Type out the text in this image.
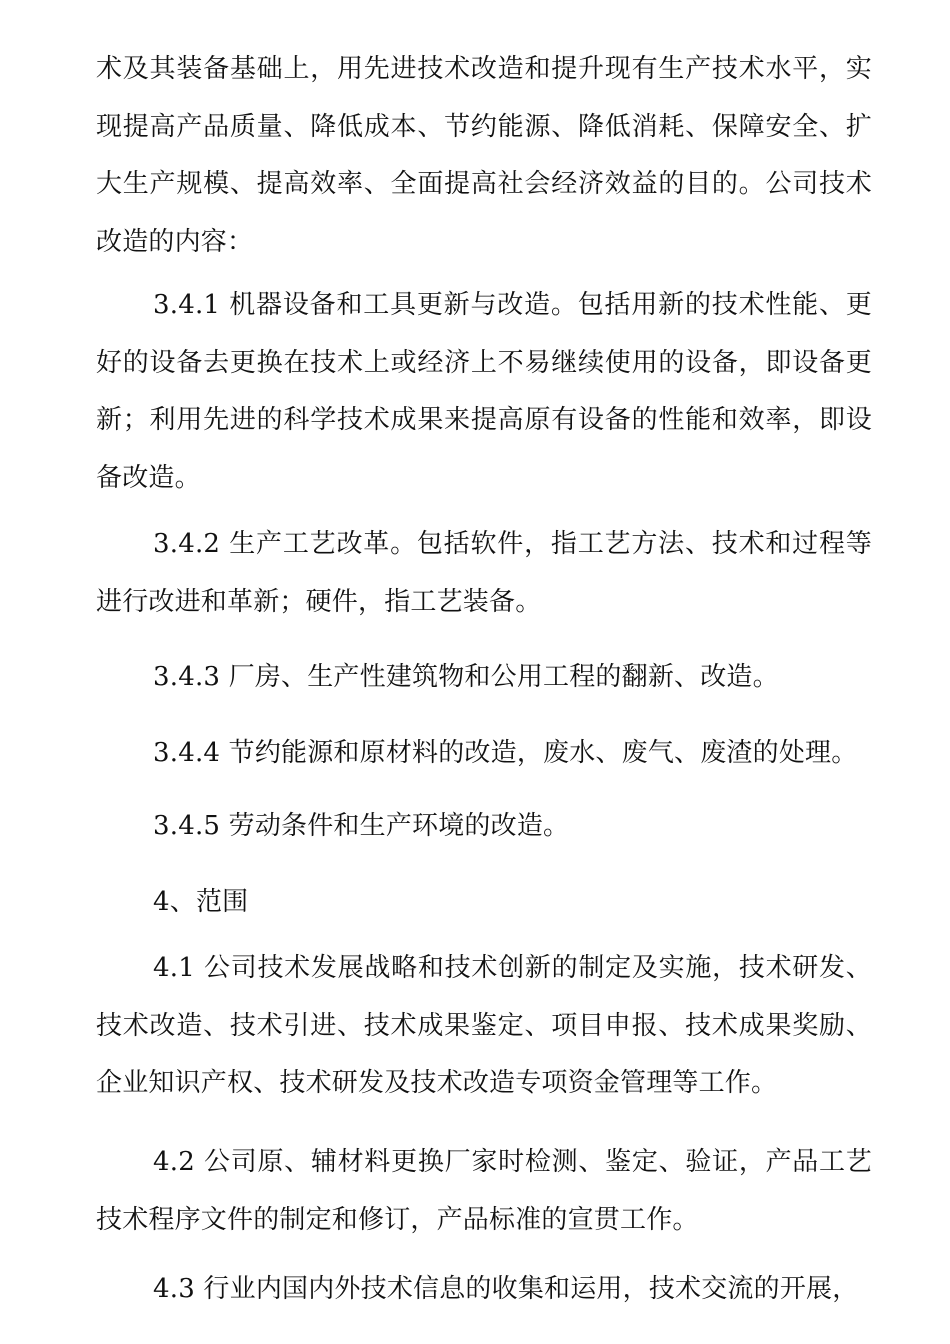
术及其装备基础上，用先进技术改造和提升现有生产技术水平，实现提高产品质量、降低成本、节约能源、降低消耗、保障安全、扩大生产规模、提高效率、全面提高社会经济效益的目的。公司技术改造的内容：

3.4.1 机器设备和工具更新与改造。包括用新的技术性能、更好的设备去更换在技术上或经济上不易继续使用的设备，即设备更新；利用先进的科学技术成果来提高原有设备的性能和效率，即设备改造。

3.4.2 生产工艺改革。包括软件，指工艺方法、技术和过程等进行改进和革新；硬件，指工艺装备。

3.4.3 厂房、生产性建筑物和公用工程的翻新、改造。

3.4.4 节约能源和原材料的改造，废水、废气、废渣的处理。

3.4.5 劳动条件和生产环境的改造。

4、范围

4.1 公司技术发展战略和技术创新的制定及实施，技术研发、技术改造、技术引进、技术成果鉴定、项目申报、技术成果奖励、企业知识产权、技术研发及技术改造专项资金管理等工作。

4.2 公司原、辅材料更换厂家时检测、鉴定、验证，产品工艺技术程序文件的制定和修订，产品标准的宣贯工作。

4.3 行业内国内外技术信息的收集和运用，技术交流的开展，
